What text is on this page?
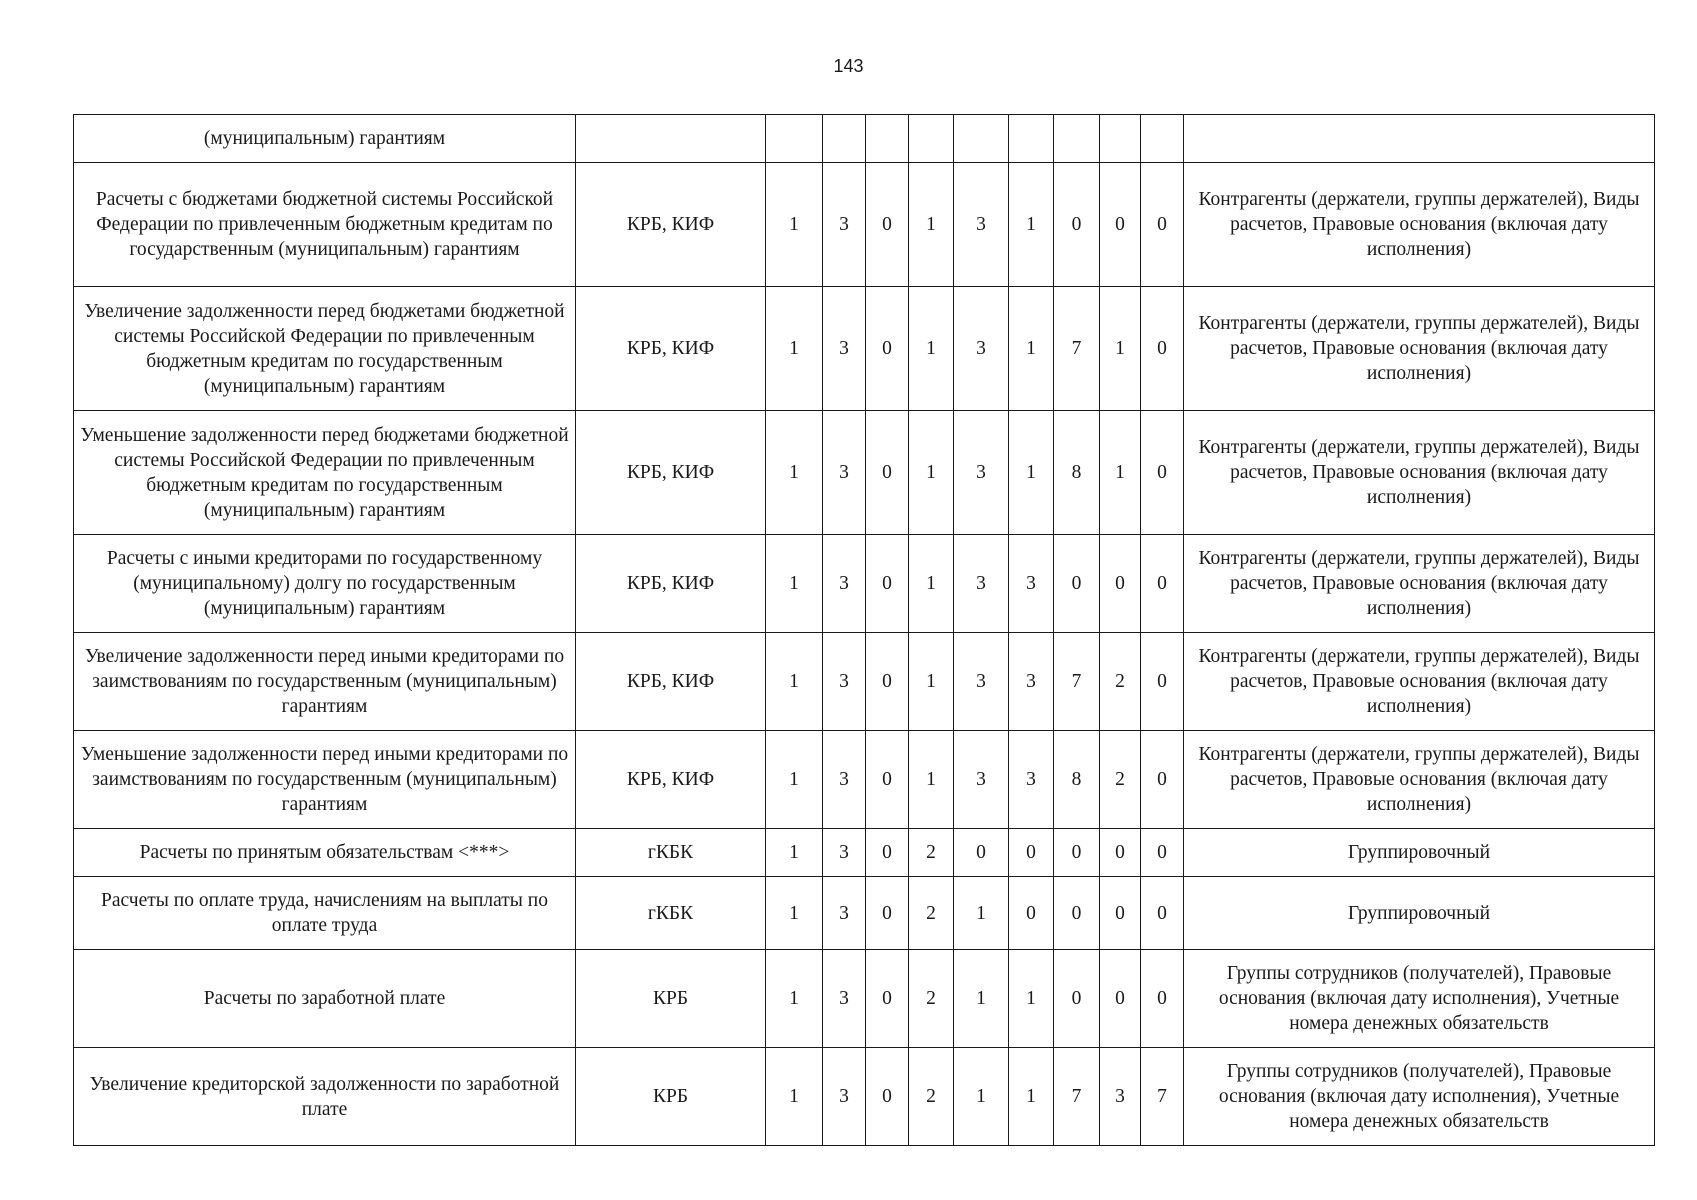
143
(муниципальным) гарантиям											
Расчеты с бюджетами бюджетной системы Российской Федерации по привлеченным бюджетным кредитам по государственным (муниципальным) гарантиям	КРБ, КИФ	1	3	0	1	3	1	0	0	0	Контрагенты (держатели, группы держателей), Виды расчетов, Правовые основания (включая дату исполнения)
Увеличение задолженности перед бюджетами бюджетной системы Российской Федерации по привлеченным бюджетным кредитам по государственным (муниципальным) гарантиям	КРБ, КИФ	1	3	0	1	3	1	7	1	0	Контрагенты (держатели, группы держателей), Виды расчетов, Правовые основания (включая дату исполнения)
Уменьшение задолженности перед бюджетами бюджетной системы Российской Федерации по привлеченным бюджетным кредитам по государственным (муниципальным) гарантиям	КРБ, КИФ	1	3	0	1	3	1	8	1	0	Контрагенты (держатели, группы держателей), Виды расчетов, Правовые основания (включая дату исполнения)
Расчеты с иными кредиторами по государственному (муниципальному) долгу по государственным (муниципальным) гарантиям	КРБ, КИФ	1	3	0	1	3	3	0	0	0	Контрагенты (держатели, группы держателей), Виды расчетов, Правовые основания (включая дату исполнения)
Увеличение задолженности перед иными кредиторами по заимствованиям по государственным (муниципальным) гарантиям	КРБ, КИФ	1	3	0	1	3	3	7	2	0	Контрагенты (держатели, группы держателей), Виды расчетов, Правовые основания (включая дату исполнения)
Уменьшение задолженности перед иными кредиторами по заимствованиям по государственным (муниципальным) гарантиям	КРБ, КИФ	1	3	0	1	3	3	8	2	0	Контрагенты (держатели, группы держателей), Виды расчетов, Правовые основания (включая дату исполнения)
Расчеты по принятым обязательствам <***>	гКБК	1	3	0	2	0	0	0	0	0	Группировочный
Расчеты по оплате труда, начислениям на выплаты по оплате труда	гКБК	1	3	0	2	1	0	0	0	0	Группировочный
Расчеты по заработной плате	КРБ	1	3	0	2	1	1	0	0	0	Группы сотрудников (получателей), Правовые основания (включая дату исполнения), Учетные номера денежных обязательств
Увеличение кредиторской задолженности по заработной плате	КРБ	1	3	0	2	1	1	7	3	7	Группы сотрудников (получателей), Правовые основания (включая дату исполнения), Учетные номера денежных обязательств
